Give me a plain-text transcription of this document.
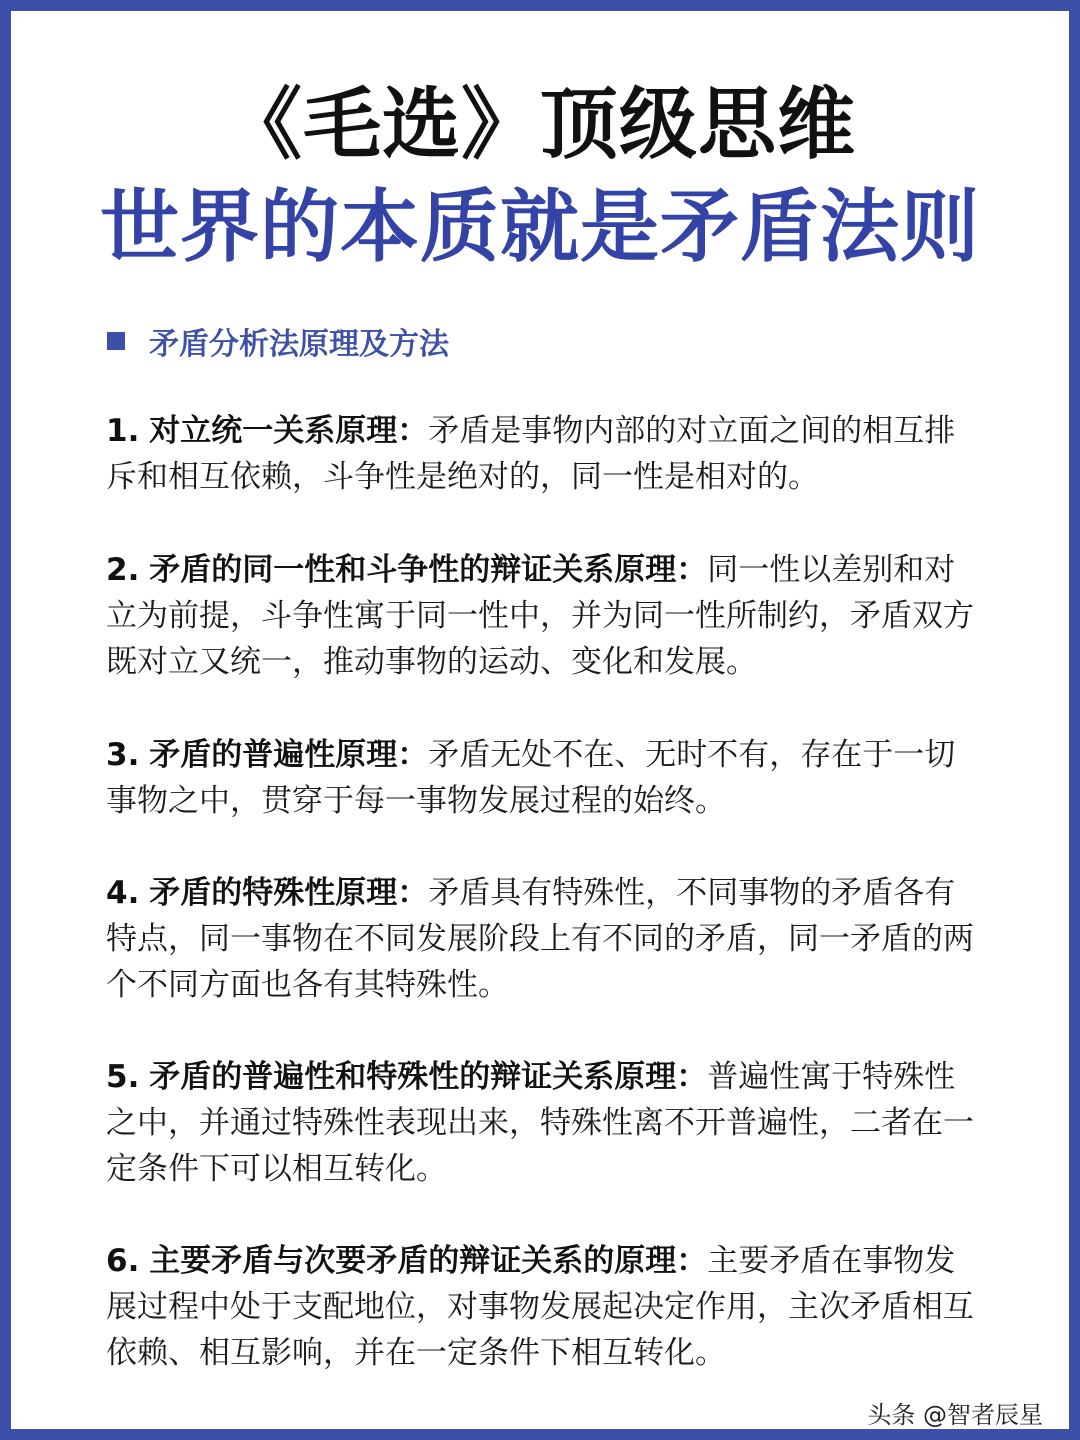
《毛选》顶级思维
世界的本质就是矛盾法则
矛盾分析法原理及方法

1. 对立统一关系原理：矛盾是事物内部的对立面之间的相互排斥和相互依赖，斗争性是绝对的，同一性是相对的。

2. 矛盾的同一性和斗争性的辩证关系原理：同一性以差别和对立为前提，斗争性寓于同一性中，并为同一性所制约，矛盾双方既对立又统一，推动事物的运动、变化和发展。

3. 矛盾的普遍性原理：矛盾无处不在、无时不有，存在于一切事物之中，贯穿于每一事物发展过程的始终。

4. 矛盾的特殊性原理：矛盾具有特殊性，不同事物的矛盾各有特点，同一事物在不同发展阶段上有不同的矛盾，同一矛盾的两个不同方面也各有其特殊性。

5. 矛盾的普遍性和特殊性的辩证关系原理：普遍性寓于特殊性之中，并通过特殊性表现出来，特殊性离不开普遍性，二者在一定条件下可以相互转化。

6. 主要矛盾与次要矛盾的辩证关系的原理：主要矛盾在事物发展过程中处于支配地位，对事物发展起决定作用，主次矛盾相互依赖、相互影响，并在一定条件下相互转化。

头条 @智者辰星
